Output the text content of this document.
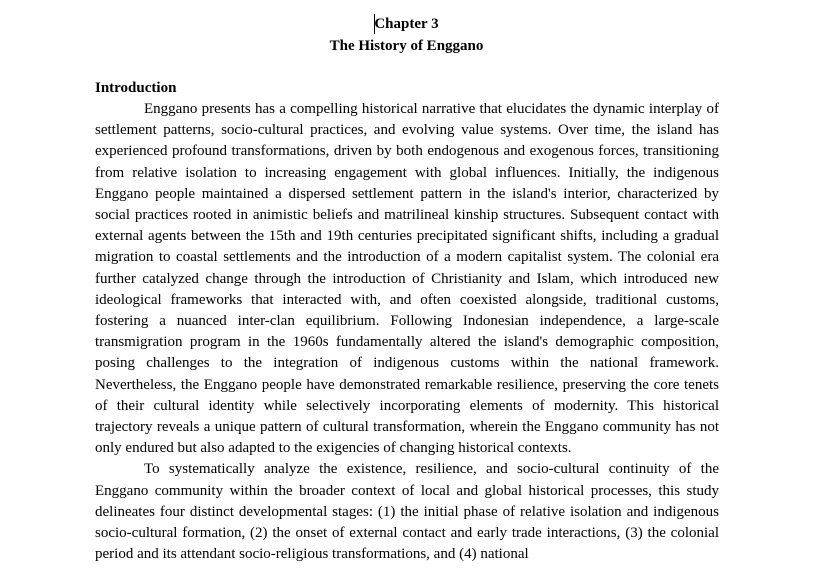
Chapter 3
The History of Enggano
Introduction

Enggano presents has a compelling historical narrative that elucidates the dynamic interplay of settlement patterns, socio-cultural practices, and evolving value systems. Over time, the island has experienced profound transformations, driven by both endogenous and exogenous forces, transitioning from relative isolation to increasing engagement with global influences. Initially, the indigenous Enggano people maintained a dispersed settlement pattern in the island's interior, characterized by social practices rooted in animistic beliefs and matrilineal kinship structures. Subsequent contact with external agents between the 15th and 19th centuries precipitated significant shifts, including a gradual migration to coastal settlements and the introduction of a modern capitalist system. The colonial era further catalyzed change through the introduction of Christianity and Islam, which introduced new ideological frameworks that interacted with, and often coexisted alongside, traditional customs, fostering a nuanced inter-clan equilibrium. Following Indonesian independence, a large-scale transmigration program in the 1960s fundamentally altered the island's demographic composition, posing challenges to the integration of indigenous customs within the national framework. Nevertheless, the Enggano people have demonstrated remarkable resilience, preserving the core tenets of their cultural identity while selectively incorporating elements of modernity. This historical trajectory reveals a unique pattern of cultural transformation, wherein the Enggano community has not only endured but also adapted to the exigencies of changing historical contexts.

To systematically analyze the existence, resilience, and socio-cultural continuity of the Enggano community within the broader context of local and global historical processes, this study delineates four distinct developmental stages: (1) the initial phase of relative isolation and indigenous socio-cultural formation, (2) the onset of external contact and early trade interactions, (3) the colonial period and its attendant socio-religious transformations, and (4) national
